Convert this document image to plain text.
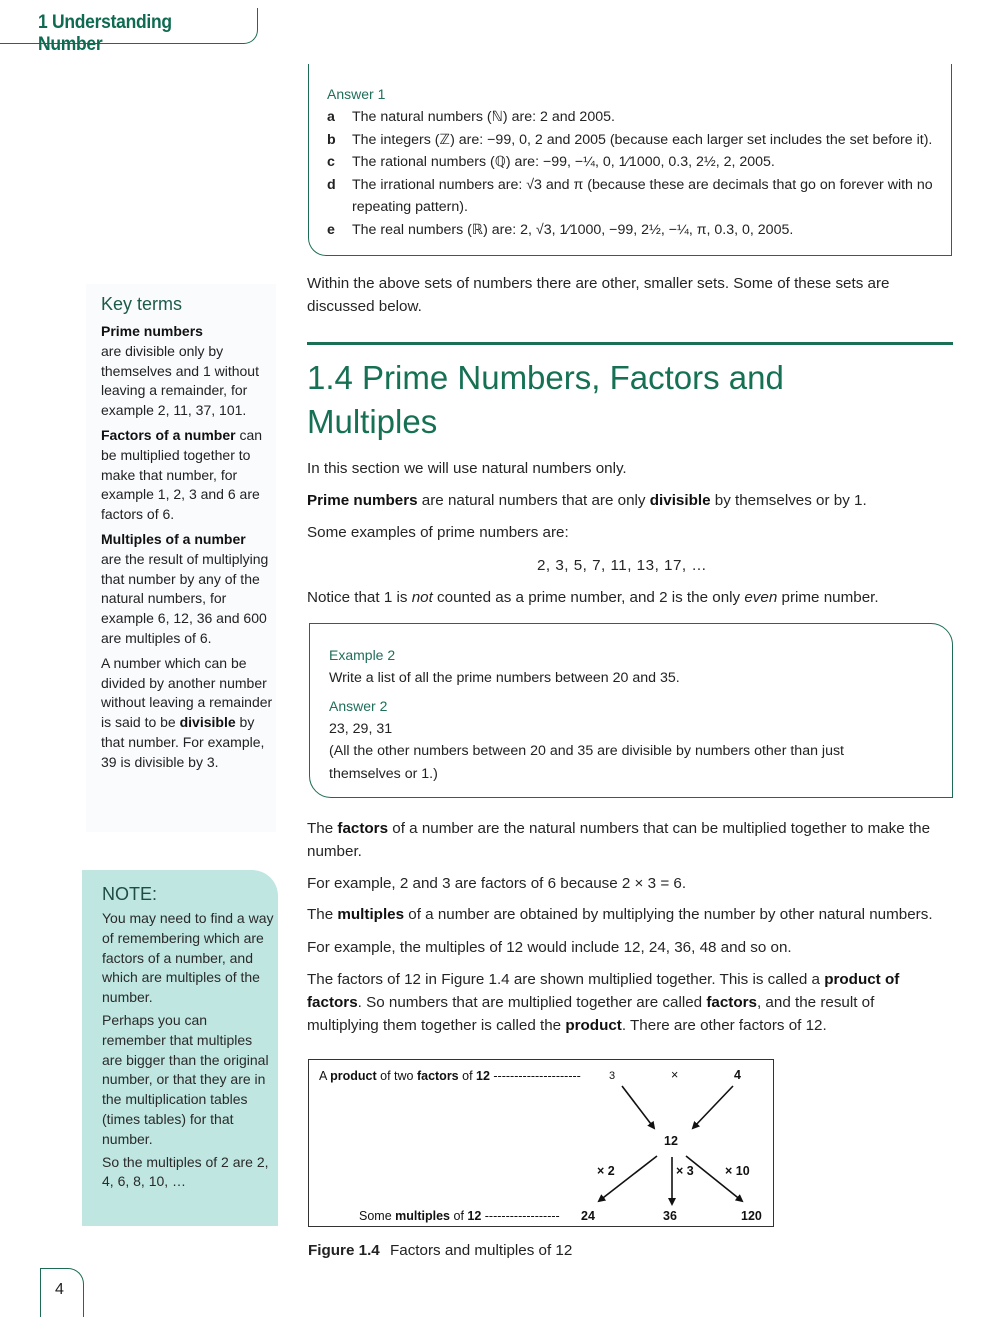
1 Understanding Number
Answer 1
a	The natural numbers (ℕ) are: 2 and 2005.
b	The integers (ℤ) are: −99, 0, 2 and 2005 (because each larger set includes the set before it).
c	The rational numbers (ℚ) are: −99, −¼, 0, 1⁄1000, 0.3, 2½, 2, 2005.
d	The irrational numbers are: √3 and π (because these are decimals that go on forever with no repeating pattern).
e	The real numbers (ℝ) are: 2, √3, 1⁄1000, −99, 2½, −¼, π, 0.3, 0, 2005.

Within the above sets of numbers there are other, smaller sets. Some of these sets are discussed below.

1.4 Prime Numbers, Factors and Multiples

In this section we will use natural numbers only.

Prime numbers are natural numbers that are only divisible by themselves or by 1.

Some examples of prime numbers are:

2, 3, 5, 7, 11, 13, 17, …

Notice that 1 is not counted as a prime number, and 2 is the only even prime number.

Example 2
Write a list of all the prime numbers between 20 and 35.
Answer 2
23, 29, 31
(All the other numbers between 20 and 35 are divisible by numbers other than just themselves or 1.)

The factors of a number are the natural numbers that can be multiplied together to make the number.

For example, 2 and 3 are factors of 6 because 2 × 3 = 6.

The multiples of a number are obtained by multiplying the number by other natural numbers.

For example, the multiples of 12 would include 12, 24, 36, 48 and so on.

The factors of 12 in Figure 1.4 are shown multiplied together. This is called a product of factors. So numbers that are multiplied together are called factors, and the result of multiplying them together is called the product. There are other factors of 12.

A product of two factors of 12 ---------------------	3	×	4
12
× 2	× 3	× 10
Some multiples of 12 ------------------ 24	36	120
Figure 1.4 Factors and multiples of 12
Key terms

Prime numbers
are divisible only by themselves and 1 without leaving a remainder, for example 2, 11, 37, 101.

Factors of a number can be multiplied together to make that number, for example 1, 2, 3 and 6 are factors of 6.

Multiples of a number
are the result of multiplying that number by any of the natural numbers, for example 6, 12, 36 and 600 are multiples of 6.

A number which can be divided by another number without leaving a remainder is said to be divisible by that number. For example, 39 is divisible by 3.

NOTE:

You may need to find a way of remembering which are factors of a number, and which are multiples of the number.

Perhaps you can remember that multiples are bigger than the original number, or that they are in the multiplication tables (times tables) for that number.

So the multiples of 2 are 2, 4, 6, 8, 10, …

4
